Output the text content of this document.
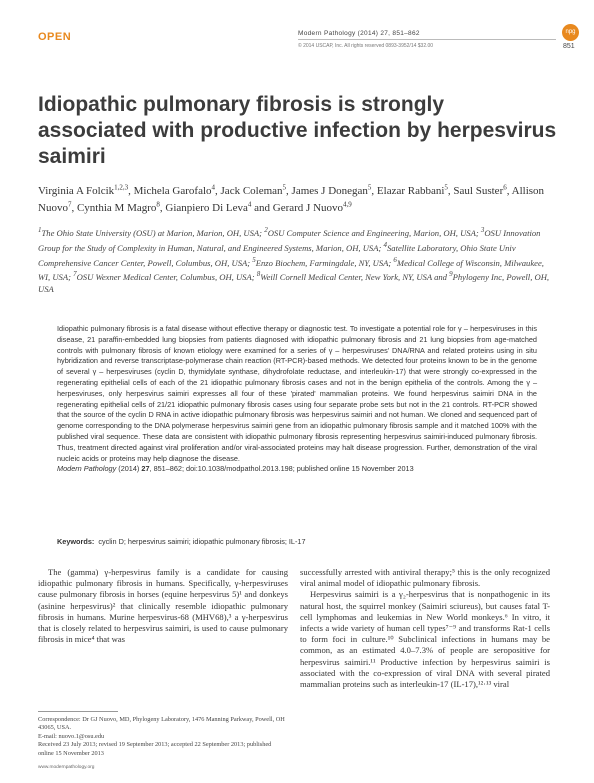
OPEN	Modern Pathology (2014) 27, 851–862
© 2014 USCAP, Inc. All rights reserved 0893-3952/14 $32.00
npg
851
Idiopathic pulmonary fibrosis is strongly associated with productive infection by herpesvirus saimiri
Virginia A Folcik$^{1,2,3}$, Michela Garofalo$^4$, Jack Coleman$^5$, James J Donegan$^5$, Elazar Rabbani$^5$, Saul Suster$^6$, Allison Nuovo$^7$, Cynthia M Magro$^8$, Gianpiero Di Leva$^4$ and Gerard J Nuovo$^{4,9}$
$^1$The Ohio State University (OSU) at Marion, Marion, OH, USA; $^2$OSU Computer Science and Engineering, Marion, OH, USA; $^3$OSU Innovation Group for the Study of Complexity in Human, Natural, and Engineered Systems, Marion, OH, USA; $^4$Satellite Laboratory, Ohio State Univ Comprehensive Cancer Center, Powell, Columbus, OH, USA; $^5$Enzo Biochem, Farmingdale, NY, USA; $^6$Medical College of Wisconsin, Milwaukee, WI, USA; $^7$OSU Wexner Medical Center, Columbus, OH, USA; $^8$Weill Cornell Medical Center, New York, NY, USA and $^9$Phylogeny Inc, Powell, OH, USA
Idiopathic pulmonary fibrosis is a fatal disease without effective therapy or diagnostic test. To investigate a potential role for γ – herpesviruses in this disease, 21 paraffin-embedded lung biopsies from patients diagnosed with idiopathic pulmonary fibrosis and 21 lung biopsies from age-matched controls with pulmonary fibrosis of known etiology were examined for a series of γ – herpesviruses' DNA/RNA and related proteins using in situ hybridization and reverse transcriptase-polymerase chain reaction (RT-PCR)-based methods. We detected four proteins known to be in the genome of several γ – herpesviruses (cyclin D, thymidylate synthase, dihydrofolate reductase, and interleukin-17) that were strongly co-expressed in the regenerating epithelial cells of each of the 21 idiopathic pulmonary fibrosis cases and not in the benign epithelia of the controls. Among the γ – herpesviruses, only herpesvirus saimiri expresses all four of these 'pirated' mammalian proteins. We found herpesvirus saimiri DNA in the regenerating epithelial cells of 21/21 idiopathic pulmonary fibrosis cases using four separate probe sets but not in the 21 controls. RT-PCR showed that the source of the cyclin D RNA in active idiopathic pulmonary fibrosis was herpesvirus saimiri and not human. We cloned and sequenced part of genome corresponding to the DNA polymerase herpesvirus saimiri gene from an idiopathic pulmonary fibrosis sample and it matched 100% with the published viral sequence. These data are consistent with idiopathic pulmonary fibrosis representing herpesvirus saimiri-induced pulmonary fibrosis. Thus, treatment directed against viral proliferation and/or viral-associated proteins may halt disease progression. Further, demonstration of the viral nucleic acids or proteins may help diagnose the disease.
Modern Pathology (2014) 27, 851–862; doi:10.1038/modpathol.2013.198; published online 15 November 2013
Keywords: cyclin D; herpesvirus saimiri; idiopathic pulmonary fibrosis; IL-17

The (gamma) γ-herpesvirus family is a candidate for causing idiopathic pulmonary fibrosis in humans. Specifically, γ-herpesviruses cause pulmonary fibrosis in horses (equine herpesvirus 5)¹ and donkeys (asinine herpesvirus)² that clinically resemble idiopathic pulmonary fibrosis in humans. Murine herpesvirus-68 (MHV68),³ a γ-herpesvirus that is closely related to herpesvirus saimiri, is used to cause pulmonary fibrosis in mice⁴ that was

successfully arrested with antiviral therapy;⁵ this is the only recognized viral animal model of idiopathic pulmonary fibrosis.

Herpesvirus saimiri is a γ₂-herpesvirus that is nonpathogenic in its natural host, the squirrel monkey (Saimiri sciureus), but causes fatal T-cell lymphomas and leukemias in New World monkeys.⁶ In vitro, it infects a wide variety of human cell types⁷⁻⁹ and transforms Rat-1 cells to form foci in culture.¹⁰ Subclinical infections in humans may be common, as an estimated 4.0–7.3% of people are seropositive for herpesvirus saimiri.¹¹ Productive infection by herpesvirus saimiri is associated with the co-expression of viral DNA with several pirated mammalian proteins such as interleukin-17 (IL-17),¹²·¹³ viral

Correspondence: Dr GJ Nuovo, MD, Phylogeny Laboratory, 1476 Manning Parkway, Powell, OH 43065, USA.
E-mail: nuovo.1@osu.edu
Received 23 July 2013; revised 19 September 2013; accepted 22 September 2013; published online 15 November 2013
www.modernpathology.org
